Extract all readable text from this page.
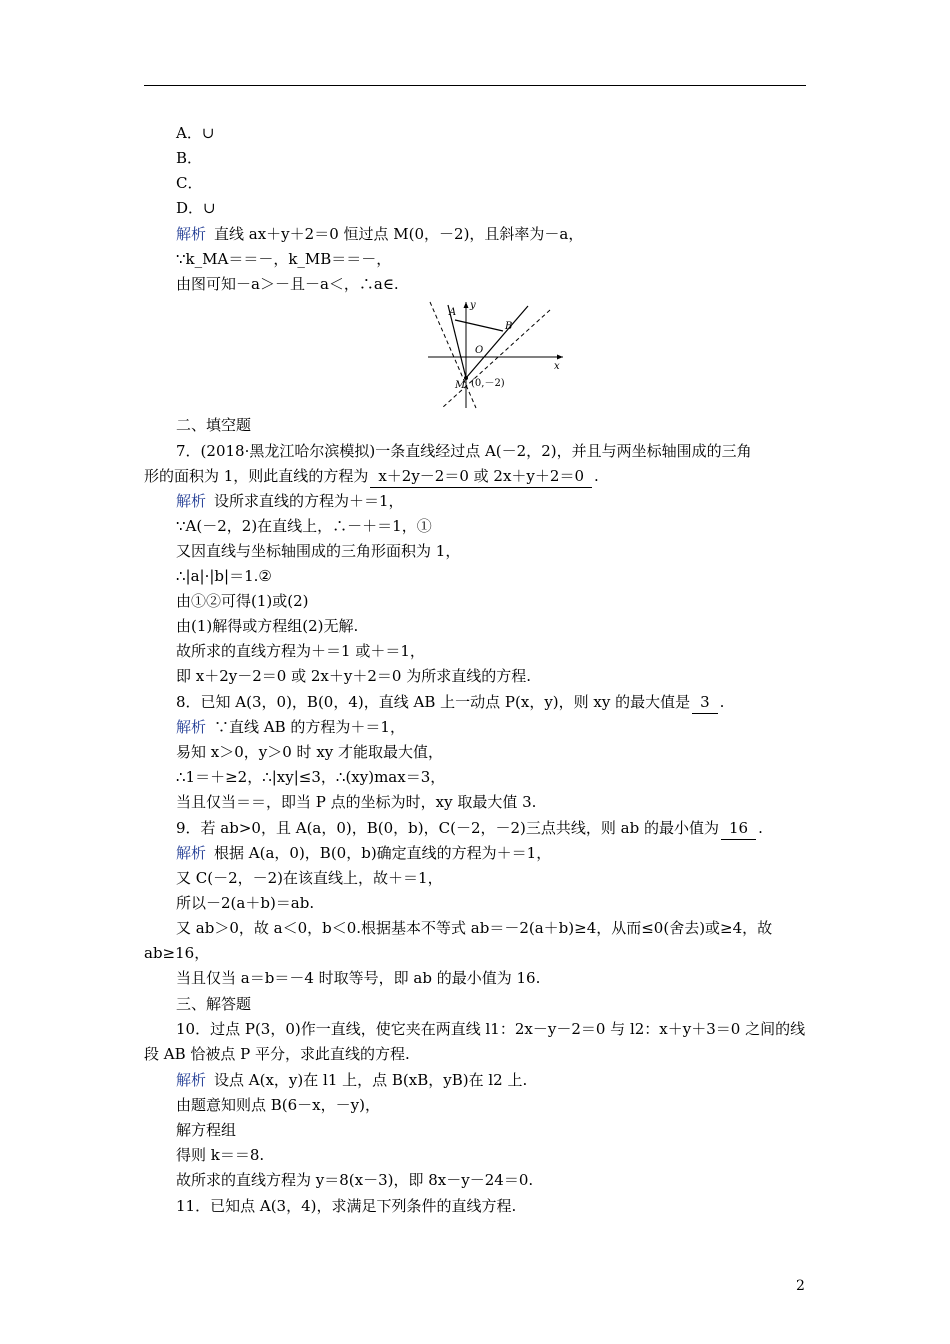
A．∪
B．
C．
D．∪
解析 直线 ax＋y＋2＝0 恒过点 M(0，－2)，且斜率为－a，
∵k_MA＝＝－，k_MB＝＝－，
由图可知－a＞－且－a＜，∴a∈.
A
B
O
M
x
y
(0,－2)
二、填空题
7．(2018·黑龙江哈尔滨模拟)一条直线经过点 A(－2，2)，并且与两坐标轴围成的三角
形的面积为 1，则此直线的方程为 x＋2y－2＝0 或 2x＋y＋2＝0 .
解析 设所求直线的方程为＋＝1，
∵A(－2，2)在直线上，∴－＋＝1，①
又因直线与坐标轴围成的三角形面积为 1，
∴|a|·|b|＝1.②
由①②可得(1)或(2)
由(1)解得或方程组(2)无解.
故所求的直线方程为＋＝1 或＋＝1，
即 x＋2y－2＝0 或 2x＋y＋2＝0 为所求直线的方程.
8．已知 A(3，0)，B(0，4)，直线 AB 上一动点 P(x，y)，则 xy 的最大值是 3 .
解析 ∵直线 AB 的方程为＋＝1，
易知 x＞0，y＞0 时 xy 才能取最大值，
∴1＝＋≥2，∴|xy|≤3，∴(xy)max＝3，
当且仅当＝＝，即当 P 点的坐标为时，xy 取最大值 3.
9．若 ab>0，且 A(a，0)，B(0，b)，C(－2，－2)三点共线，则 ab 的最小值为 16 .
解析 根据 A(a，0)，B(0，b)确定直线的方程为＋＝1，
又 C(－2，－2)在该直线上，故＋＝1，
所以－2(a＋b)＝ab.
又 ab＞0，故 a＜0，b＜0.根据基本不等式 ab＝－2(a＋b)≥4，从而≤0(舍去)或≥4，故
ab≥16，
当且仅当 a＝b＝－4 时取等号，即 ab 的最小值为 16.
三、解答题
10．过点 P(3，0)作一直线，使它夹在两直线 l1：2x－y－2＝0 与 l2：x＋y＋3＝0 之间的线
段 AB 恰被点 P 平分，求此直线的方程.
解析 设点 A(x，y)在 l1 上，点 B(xB，yB)在 l2 上.
由题意知则点 B(6－x，－y)，
解方程组
得则 k＝＝8.
故所求的直线方程为 y＝8(x－3)，即 8x－y－24＝0.
11．已知点 A(3，4)，求满足下列条件的直线方程.
2
